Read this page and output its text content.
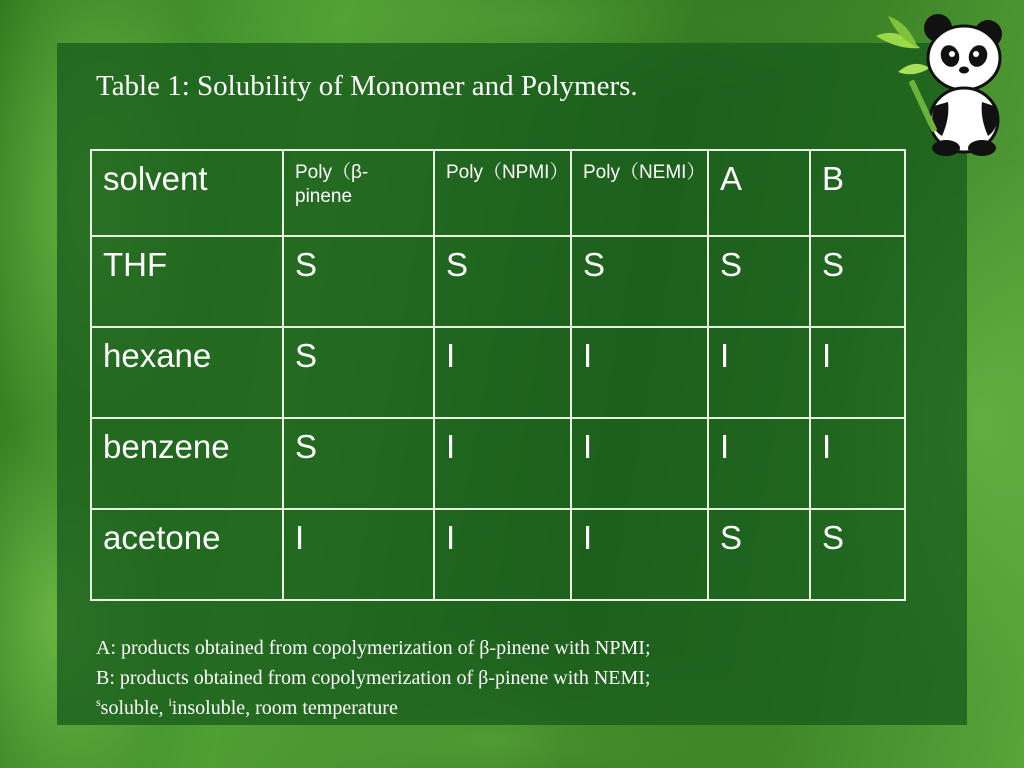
Table 1: Solubility of Monomer and Polymers.
solvent	Poly（β-pinene	Poly（NPMI）	Poly（NEMI）	A	B
THF	S	S	S	S	S
hexane	S	I	I	I	I
benzene	S	I	I	I	I
acetone	I	I	I	S	S

A: products obtained from copolymerization of β-pinene with NPMI;

B: products obtained from copolymerization of β-pinene with NEMI;

$^s$soluble, $^i$insoluble, room temperature
